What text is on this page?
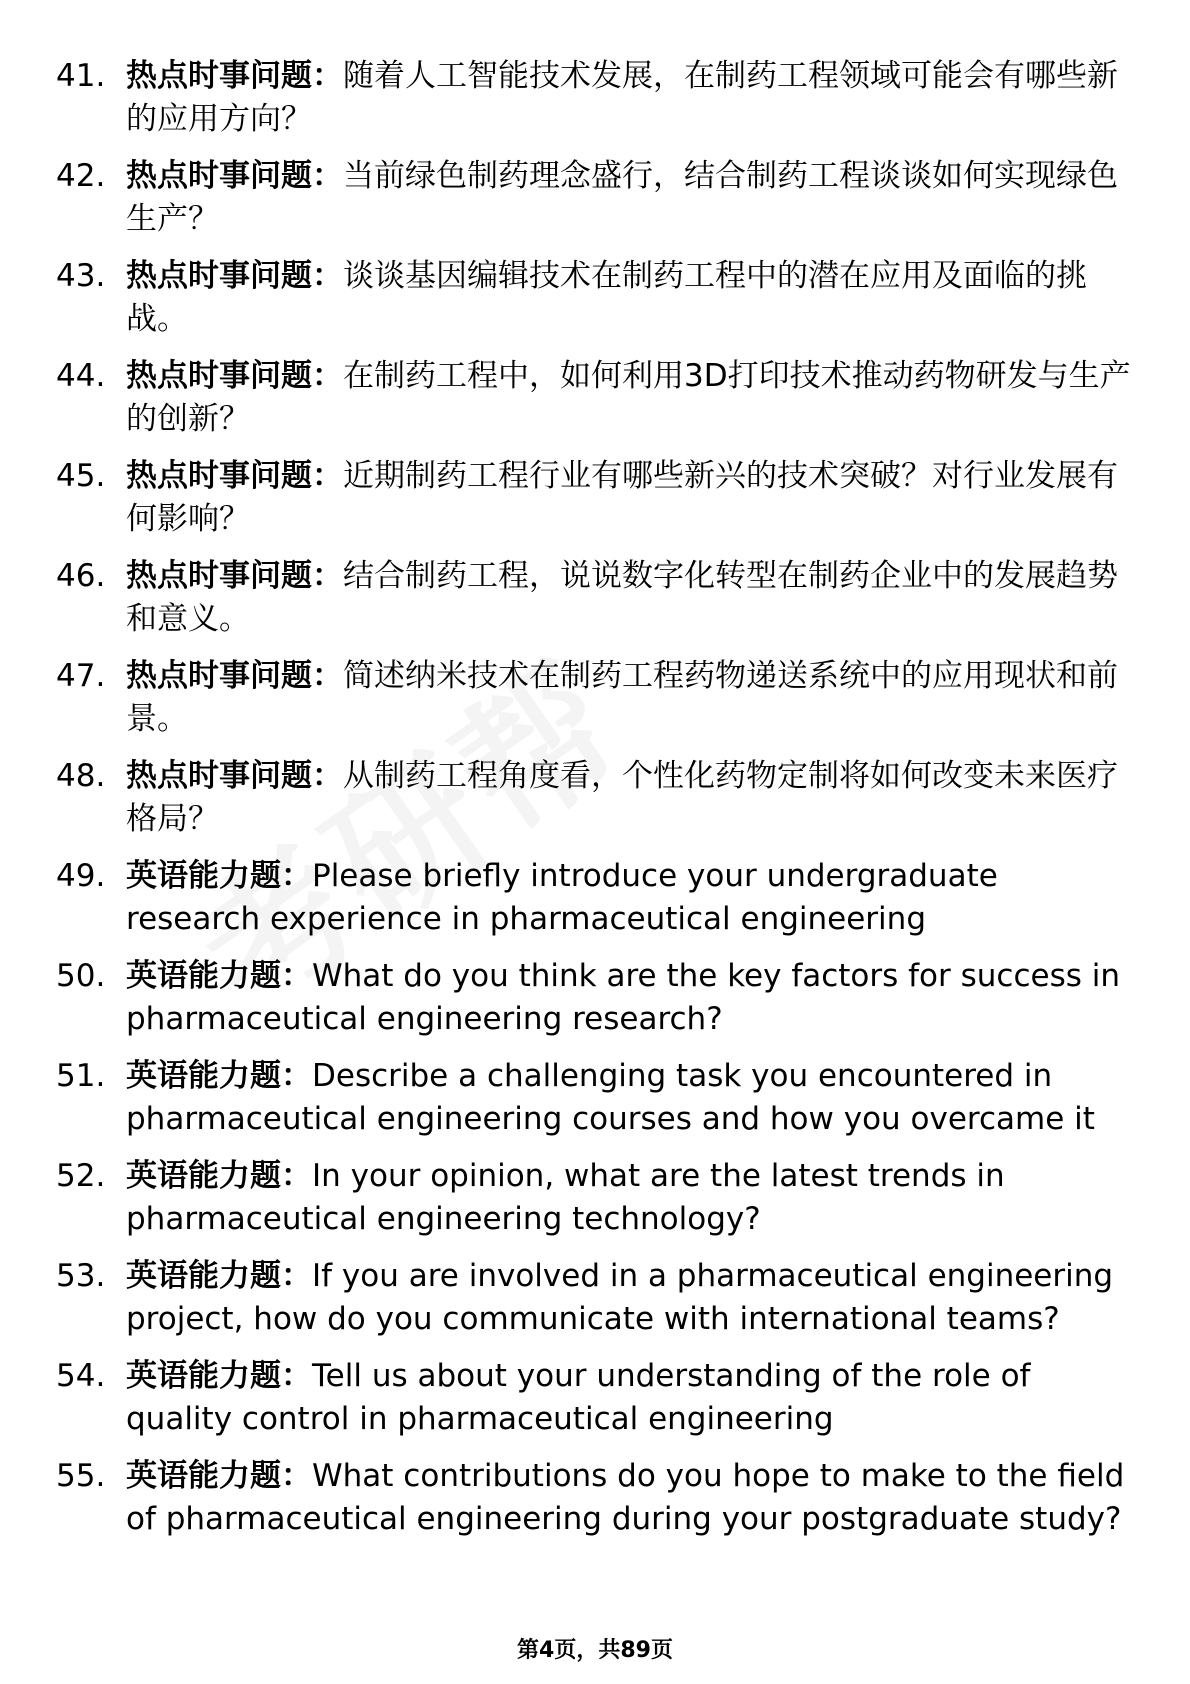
41. 热点时事问题：随着人工智能技术发展，在制药工程领域可能会有哪些新的应用方向？
42. 热点时事问题：当前绿色制药理念盛行，结合制药工程谈谈如何实现绿色生产？
43. 热点时事问题：谈谈基因编辑技术在制药工程中的潜在应用及面临的挑战。
44. 热点时事问题：在制药工程中，如何利用3D打印技术推动药物研发与生产的创新？
45. 热点时事问题：近期制药工程行业有哪些新兴的技术突破？对行业发展有何影响？
46. 热点时事问题：结合制药工程，说说数字化转型在制药企业中的发展趋势和意义。
47. 热点时事问题：简述纳米技术在制药工程药物递送系统中的应用现状和前景。
48. 热点时事问题：从制药工程角度看，个性化药物定制将如何改变未来医疗格局？
49. 英语能力题：Please briefly introduce your undergraduate research experience in pharmaceutical engineering
50. 英语能力题：What do you think are the key factors for success in pharmaceutical engineering research?
51. 英语能力题：Describe a challenging task you encountered in pharmaceutical engineering courses and how you overcame it
52. 英语能力题：In your opinion, what are the latest trends in pharmaceutical engineering technology?
53. 英语能力题：If you are involved in a pharmaceutical engineering project, how do you communicate with international teams?
54. 英语能力题：Tell us about your understanding of the role of quality control in pharmaceutical engineering
55. 英语能力题：What contributions do you hope to make to the field of pharmaceutical engineering during your postgraduate study?
第4页，共89页
